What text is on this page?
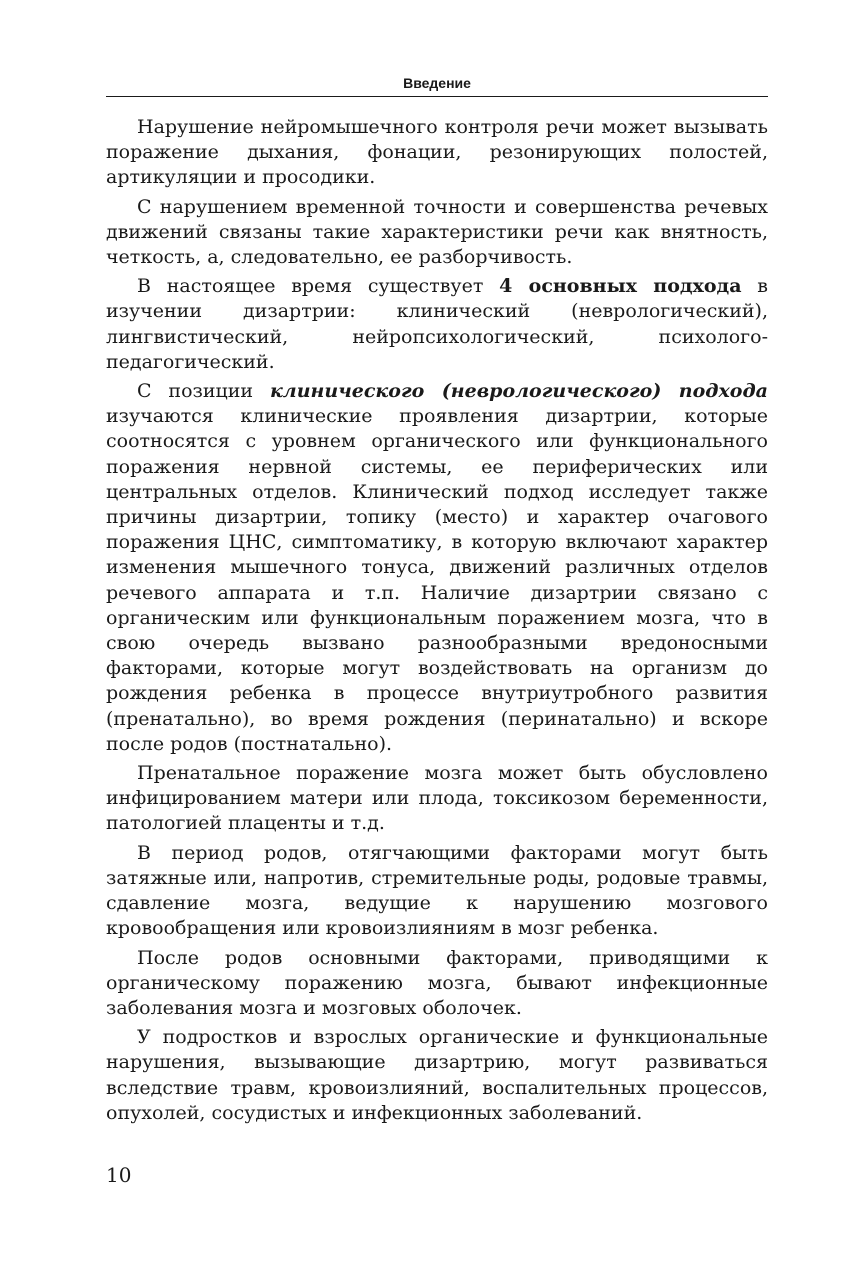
Введение

Нарушение нейромышечного контроля речи может вызывать поражение дыхания, фонации, резонирующих полостей, артикуляции и просодики.

С нарушением временной точности и совершенства речевых движений связаны такие характеристики речи как внятность, четкость, а, следовательно, ее разборчивость.

В настоящее время существует 4 основных подхода в изучении дизартрии: клинический (неврологический), лингвистический, нейропсихологический, психолого-педагогический.

С позиции клинического (неврологического) подхода изучаются клинические проявления дизартрии, которые соотносятся с уровнем органического или функционального поражения нервной системы, ее периферических или центральных отделов. Клинический подход исследует также причины дизартрии, топику (место) и характер очагового поражения ЦНС, симптоматику, в которую включают характер изменения мышечного тонуса, движений различных отделов речевого аппарата и т.п. Наличие дизартрии связано с органическим или функциональным поражением мозга, что в свою очередь вызвано разнообразными вредоносными факторами, которые могут воздействовать на организм до рождения ребенка в процессе внутриутробного развития (пренатально), во время рождения (перинатально) и вскоре после родов (постнатально).

Пренатальное поражение мозга может быть обусловлено инфицированием матери или плода, токсикозом беременности, патологией плаценты и т.д.

В период родов, отягчающими факторами могут быть затяжные или, напротив, стремительные роды, родовые травмы, сдавление мозга, ведущие к нарушению мозгового кровообращения или кровоизлияниям в мозг ребенка.

После родов основными факторами, приводящими к органическому поражению мозга, бывают инфекционные заболевания мозга и мозговых оболочек.

У подростков и взрослых органические и функциональные нарушения, вызывающие дизартрию, могут развиваться вследствие травм, кровоизлияний, воспалительных процессов, опухолей, сосудистых и инфекционных заболеваний.

10
